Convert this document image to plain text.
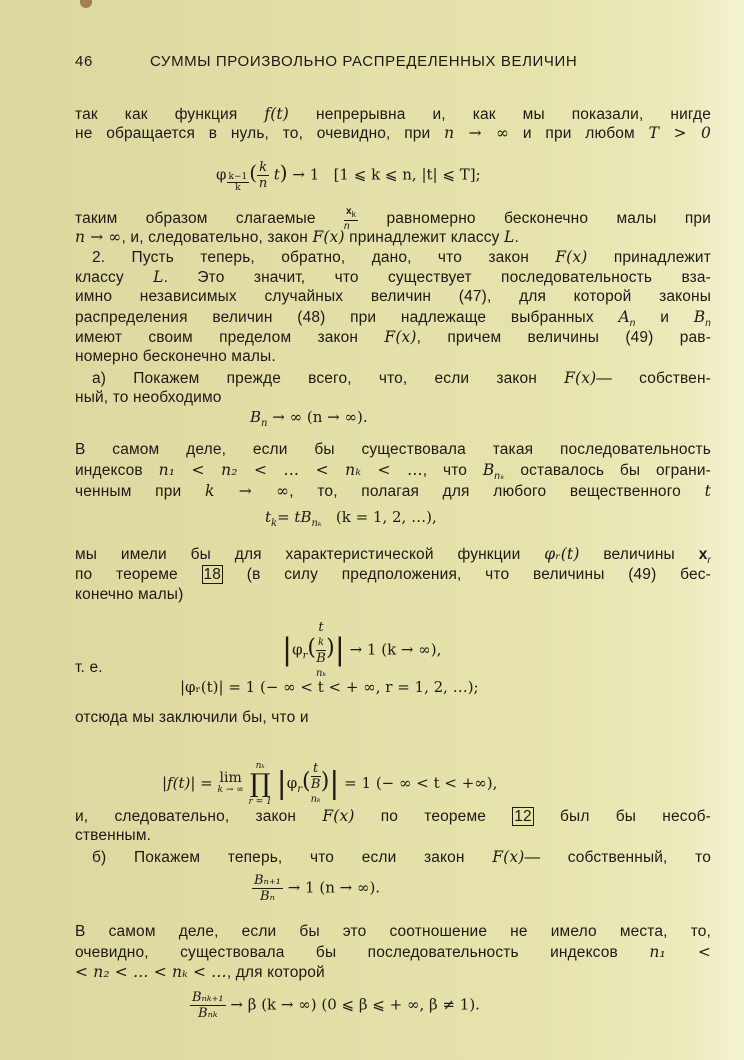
46	СУММЫ ПРОИЗВОЛЬНО РАСПРЕДЕЛЕННЫХ ВЕЛИЧИН
так как функция f(t) непрерывна и, как мы показали, нигде
не обращается в нуль, то, очевидно, при n → ∞ и при любом T > 0
φ $\frac{k-1}{k}$ ( $\frac{k}{n} t) \to 1$ [1 ⩽ k ⩽ n, |t| ⩽ T];
таким образом слагаемые	$\frac{x_k}{n}$ равномерно бесконечно малы при
n → ∞, и, следовательно, закон F(x) принадлежит классу L.
2. Пусть теперь, обратно, дано, что закон F(x) принадлежит
классу L. Это значит, что существует последовательность вза-
имно независимых случайных величин (47), для которой законы
распределения величин (48) при надлежаще выбранных $A_n$ и $B_n$
имеют своим пределом закон F(x), причем величины (49) рав-
номерно бесконечно малы.
а) Покажем прежде всего, что, если закон F(x)— собствен-
ный, то необходимо
$B_n$ → ∞ (n → ∞).
В самом деле, если бы существовала такая последовательность
индексов n₁ < n₂ < … < nₖ < …, что $B_{n_k}$ оставалось бы ограни-
ченным при k → ∞, то, полагая для любого вещественного t
$t_k= tB_{n_k}$ (k = 1, 2, …),
мы имели бы для характеристической функции φᵣ(t) величины $x_r$
по теореме 18 (в силу предположения, что величины (49) бес-
конечно малы)
$|\varphi_r$( t
k
B
nₖ )| → 1 (k → ∞),
т. е.
|φᵣ(t)| = 1 (− ∞ < t < + ∞, r = 1, 2, …);
отсюда мы заключили бы, что и
|f(t)| = lim
k → ∞

nₖ
∏
r = 1
$|\varphi_r$( t
B
nₖ )| = 1 (− ∞ < t < +∞),
и, следовательно, закон F(x) по теореме 12 был бы несоб-
ственным.
б) Покажем теперь, что если закон F(x)— собственный, то
$\frac{\text{Bₙ₊₁}}{\text{Bₙ}} \to 1$ (n → ∞).
В самом деле, если бы это соотношение не имело места, то,
очевидно, существовала бы последовательность индексов n₁ <
< n₂ < … < nₖ < …, для которой
$\frac{\text{Bₙₖ₊₁}}{\text{Bₙₖ}} \to \beta$ (k → ∞) (0 ⩽ β ⩽ + ∞, β ≠ 1).
